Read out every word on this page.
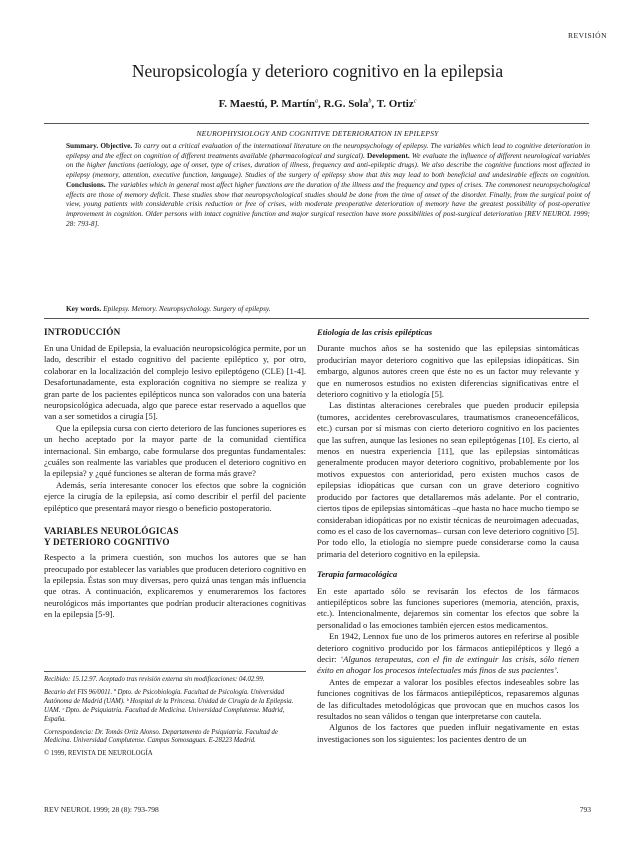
REVISIÓN
Neuropsicología y deterioro cognitivo en la epilepsia
F. Maestú, P. Martín$^a$, R.G. Sola$^b$, T. Ortiz$^c$
NEUROPHYSIOLOGY AND COGNITIVE DETERIORATION IN EPILEPSY
Summary. Objective. To carry out a critical evaluation of the international literature on the neuropsychology of epilepsy. The variables which lead to cognitive deterioration in epilepsy and the effect on cognition of different treatments available (pharmacological and surgical). Development. We evaluate the influence of different neurological variables on the higher functions (aetiology, age of onset, type of crises, duration of illness, frequency and anti-epileptic drugs). We also describe the cognitive functions most affected in epilepsy (memory, attention, executive function, language). Studies of the surgery of epilepsy show that this may lead to both beneficial and undesirable effects on cognition. Conclusions. The variables which in general most affect higher functions are the duration of the illness and the frequency and types of crises. The commonest neuropsychological effects are those of memory deficit. These studies show that neuropsychological studies should be done from the time of onset of the disorder. Finally, from the surgical point of view, young patients with considerable crisis reduction or free of crises, with moderate preoperative deterioration of memory have the greatest possibility of post-operative improvement in cognition. Older persons with intact cognitive function and major surgical resection have more possibilities of post-surgical deterioration [REV NEUROL 1999; 28: 793-8].
Key words. Epilepsy. Memory. Neuropsychology. Surgery of epilepsy.
INTRODUCCIÓN

En una Unidad de Epilepsia, la evaluación neuropsicológica permite, por un lado, describir el estado cognitivo del paciente epiléptico y, por otro, colaborar en la localización del complejo lesivo epileptógeno (CLE) [1-4]. Desafortunadamente, esta exploración cognitiva no siempre se realiza y gran parte de los pacientes epilépticos nunca son valorados con una batería neuropsicológica adecuada, algo que parece estar reservado a aquellos que van a ser sometidos a cirugía [5].

Que la epilepsia cursa con cierto deterioro de las funciones superiores es un hecho aceptado por la mayor parte de la comunidad científica internacional. Sin embargo, cabe formularse dos preguntas fundamentales: ¿cuáles son realmente las variables que producen el deterioro cognitivo en la epilepsia? y ¿qué funciones se alteran de forma más grave?

Además, sería interesante conocer los efectos que sobre la cognición ejerce la cirugía de la epilepsia, así como describir el perfil del paciente epiléptico que presentará mayor riesgo o beneficio postoperatorio.

VARIABLES NEUROLÓGICAS
Y DETERIORO COGNITIVO

Respecto a la primera cuestión, son muchos los autores que se han preocupado por establecer las variables que producen deterioro cognitivo en la epilepsia. Éstas son muy diversas, pero quizá unas tengan más influencia que otras. A continuación, explicaremos y enumeraremos los factores neurológicos más importantes que podrían producir alteraciones cognitivas en la epilepsia [5-9].

Recibido: 15.12.97. Aceptado tras revisión externa sin modificaciones: 04.02.99.

Becario del FIS 96/0011. ª Dpto. de Psicobiología. Facultad de Psicología. Universidad Autónoma de Madrid (UAM). ᵇ Hospital de la Princesa. Unidad de Cirugía de la Epilepsia. UAM. ᶜ Dpto. de Psiquiatría. Facultad de Medicina. Universidad Complutense. Madrid, España.

Correspondencia: Dr. Tomás Ortiz Alonso. Departamento de Psiquiatría. Facultad de Medicina. Universidad Complutense. Campus Somosaguas. E-28223 Madrid.

© 1999, REVISTA DE NEUROLOGÍA

Etiología de las crisis epilépticas

Durante muchos años se ha sostenido que las epilepsias sintomáticas producirían mayor deterioro cognitivo que las epilepsias idiopáticas. Sin embargo, algunos autores creen que éste no es un factor muy relevante y que en numerosos estudios no existen diferencias significativas entre el deterioro cognitivo y la etiología [5].

Las distintas alteraciones cerebrales que pueden producir epilepsia (tumores, accidentes cerebrovasculares, traumatismos craneoencefálicos, etc.) cursan por sí mismas con cierto deterioro cognitivo en los pacientes que las sufren, aunque las lesiones no sean epileptógenas [10]. Es cierto, al menos en nuestra experiencia [11], que las epilepsias sintomáticas generalmente producen mayor deterioro cognitivo, probablemente por los motivos expuestos con anterioridad, pero existen muchos casos de epilepsias idiopáticas que cursan con un grave deterioro cognitivo producido por factores que detallaremos más adelante. Por el contrario, ciertos tipos de epilepsias sintomáticas –que hasta no hace mucho tiempo se consideraban idiopáticas por no existir técnicas de neuroimagen adecuadas, como es el caso de los cavernomas– cursan con leve deterioro cognitivo [5]. Por todo ello, la etiología no siempre puede considerarse como la causa primaria del deterioro cognitivo en la epilepsia.

Terapia farmacológica

En este apartado sólo se revisarán los efectos de los fármacos antiepilépticos sobre las funciones superiores (memoria, atención, praxis, etc.). Intencionalmente, dejaremos sin comentar los efectos que sobre la personalidad o las emociones también ejercen estos medicamentos.

En 1942, Lennox fue uno de los primeros autores en referirse al posible deterioro cognitivo producido por los fármacos antiepilépticos y llegó a decir: ‘Algunos terapeutas, con el fin de extinguir las crisis, sólo tienen éxito en ahogar los procesos intelectuales más finos de sus pacientes’.

Antes de empezar a valorar los posibles efectos indeseables sobre las funciones cognitivas de los fármacos antiepilépticos, repasaremos algunas de las dificultades metodológicas que provocan que en muchos casos los resultados no sean válidos o tengan que interpretarse con cautela.

Algunos de los factores que pueden influir negativamente en estas investigaciones son los siguientes: los pacientes dentro de un

REV NEUROL 1999; 28 (8): 793-798	793
